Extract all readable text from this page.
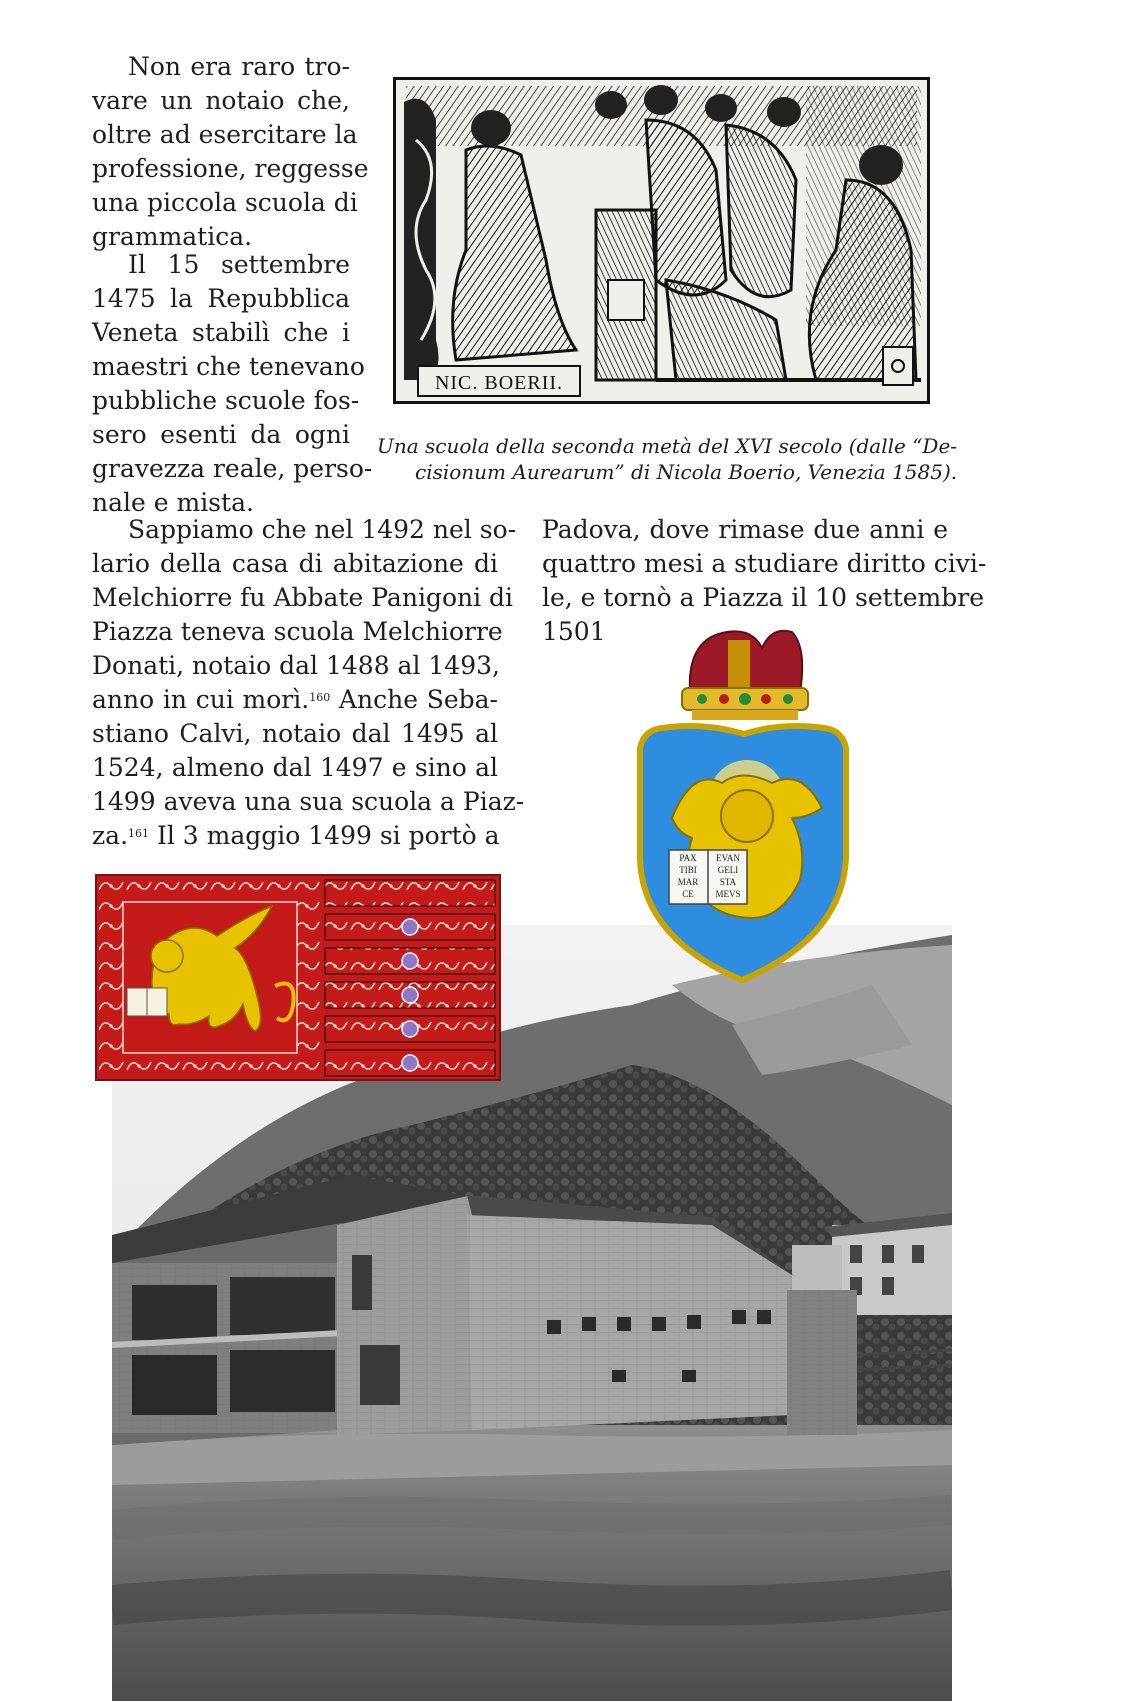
Non era raro tro-
vare un notaio che,
oltre ad esercitare la
professione, reggesse
una piccola scuola di
grammatica.
Il 15 settembre
1475 la Repubblica
Veneta stabilì che i
maestri che tenevano
pubbliche scuole fos-
sero esenti da ogni
gravezza reale, perso-
nale e mista.
NIC. BOERII.
Una scuola della seconda metà del XVI secolo (dalle “De-
cisionum Aurearum” di Nicola Boerio, Venezia 1585).
Sappiamo che nel 1492 nel so-
lario della casa di abitazione di
Melchiorre fu Abbate Panigoni di
Piazza teneva scuola Melchiorre
Donati, notaio dal 1488 al 1493,
anno in cui morì.$^{160}$ Anche Seba-
stiano Calvi, notaio dal 1495 al
1524, almeno dal 1497 e sino al
1499 aveva una sua scuola a Piaz-
za.$^{161}$ Il 3 maggio 1499 si portò a
Padova, dove rimase due anni e
quattro mesi a studiare diritto civi-
le, e tornò a Piazza il 10 settembre
1501
PAX
TIBI
MAR
CE
EVAN
GELI
STA
MEVS
